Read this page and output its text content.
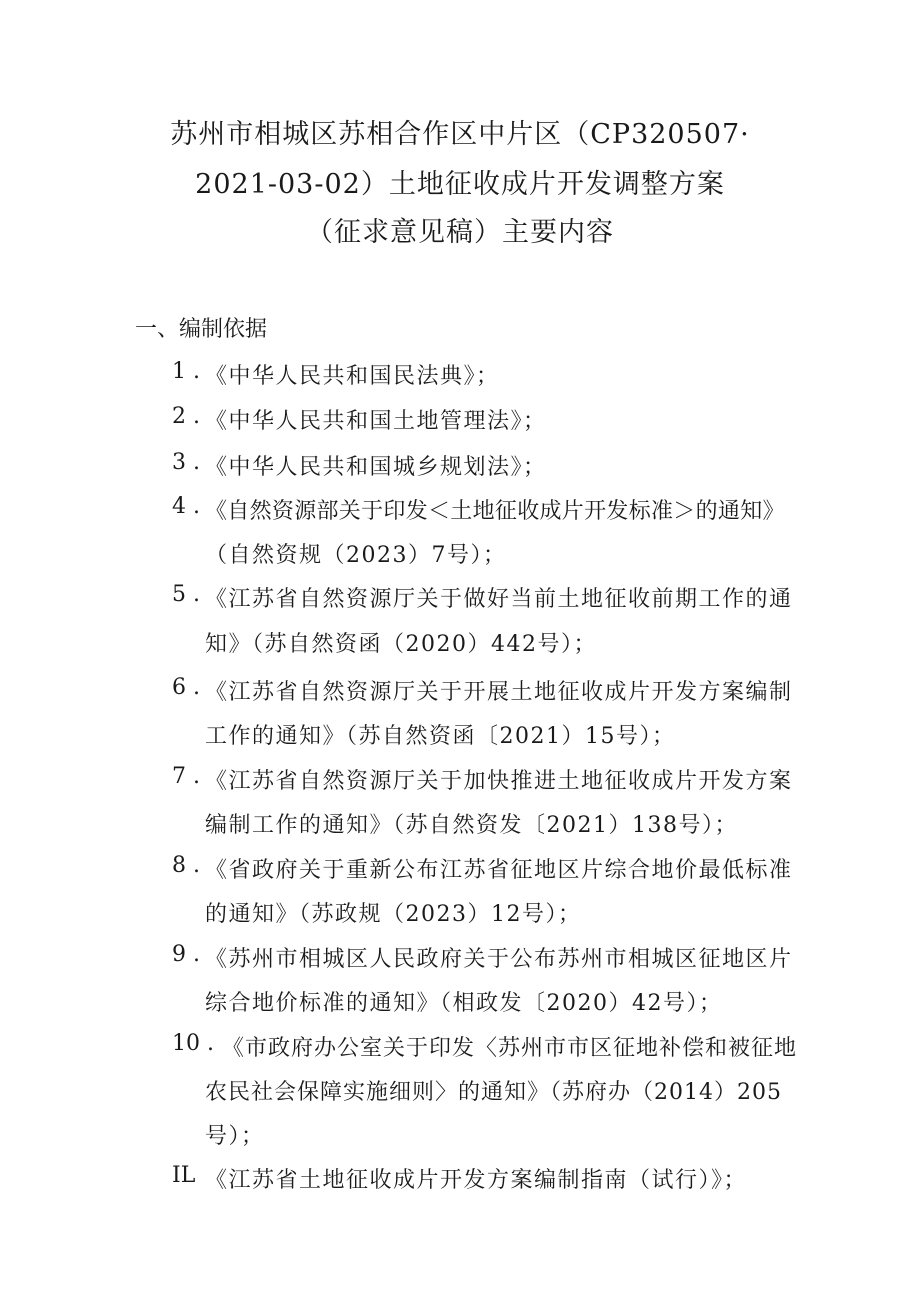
苏州市相城区苏相合作区中片区（CP320507·
2021-03-02）土地征收成片开发调整方案
（征求意见稿）主要内容
一、编制依据
1 . 《中华人民共和国民法典》；
2 . 《中华人民共和国土地管理法》；
3 . 《中华人民共和国城乡规划法》；
4 . 《自然资源部关于印发＜土地征收成片开发标准＞的通知》
（自然资规（2023）7号）；
5 . 《江苏省自然资源厅关于做好当前土地征收前期工作的通
知》（苏自然资函（2020）442号）；
6 . 《江苏省自然资源厅关于开展土地征收成片开发方案编制
工作的通知》（苏自然资函〔2021）15号）；
7 . 《江苏省自然资源厅关于加快推进土地征收成片开发方案
编制工作的通知》（苏自然资发〔2021）138号）；
8 . 《省政府关于重新公布江苏省征地区片综合地价最低标准
的通知》（苏政规（2023）12号）；
9 . 《苏州市相城区人民政府关于公布苏州市相城区征地区片
综合地价标准的通知》（相政发〔2020）42号）；
10 . 《市政府办公室关于印发〈苏州市市区征地补偿和被征地
农民社会保障实施细则〉的通知》（苏府办（2014）205
号）；
IL 《江苏省土地征收成片开发方案编制指南（试行）》；
